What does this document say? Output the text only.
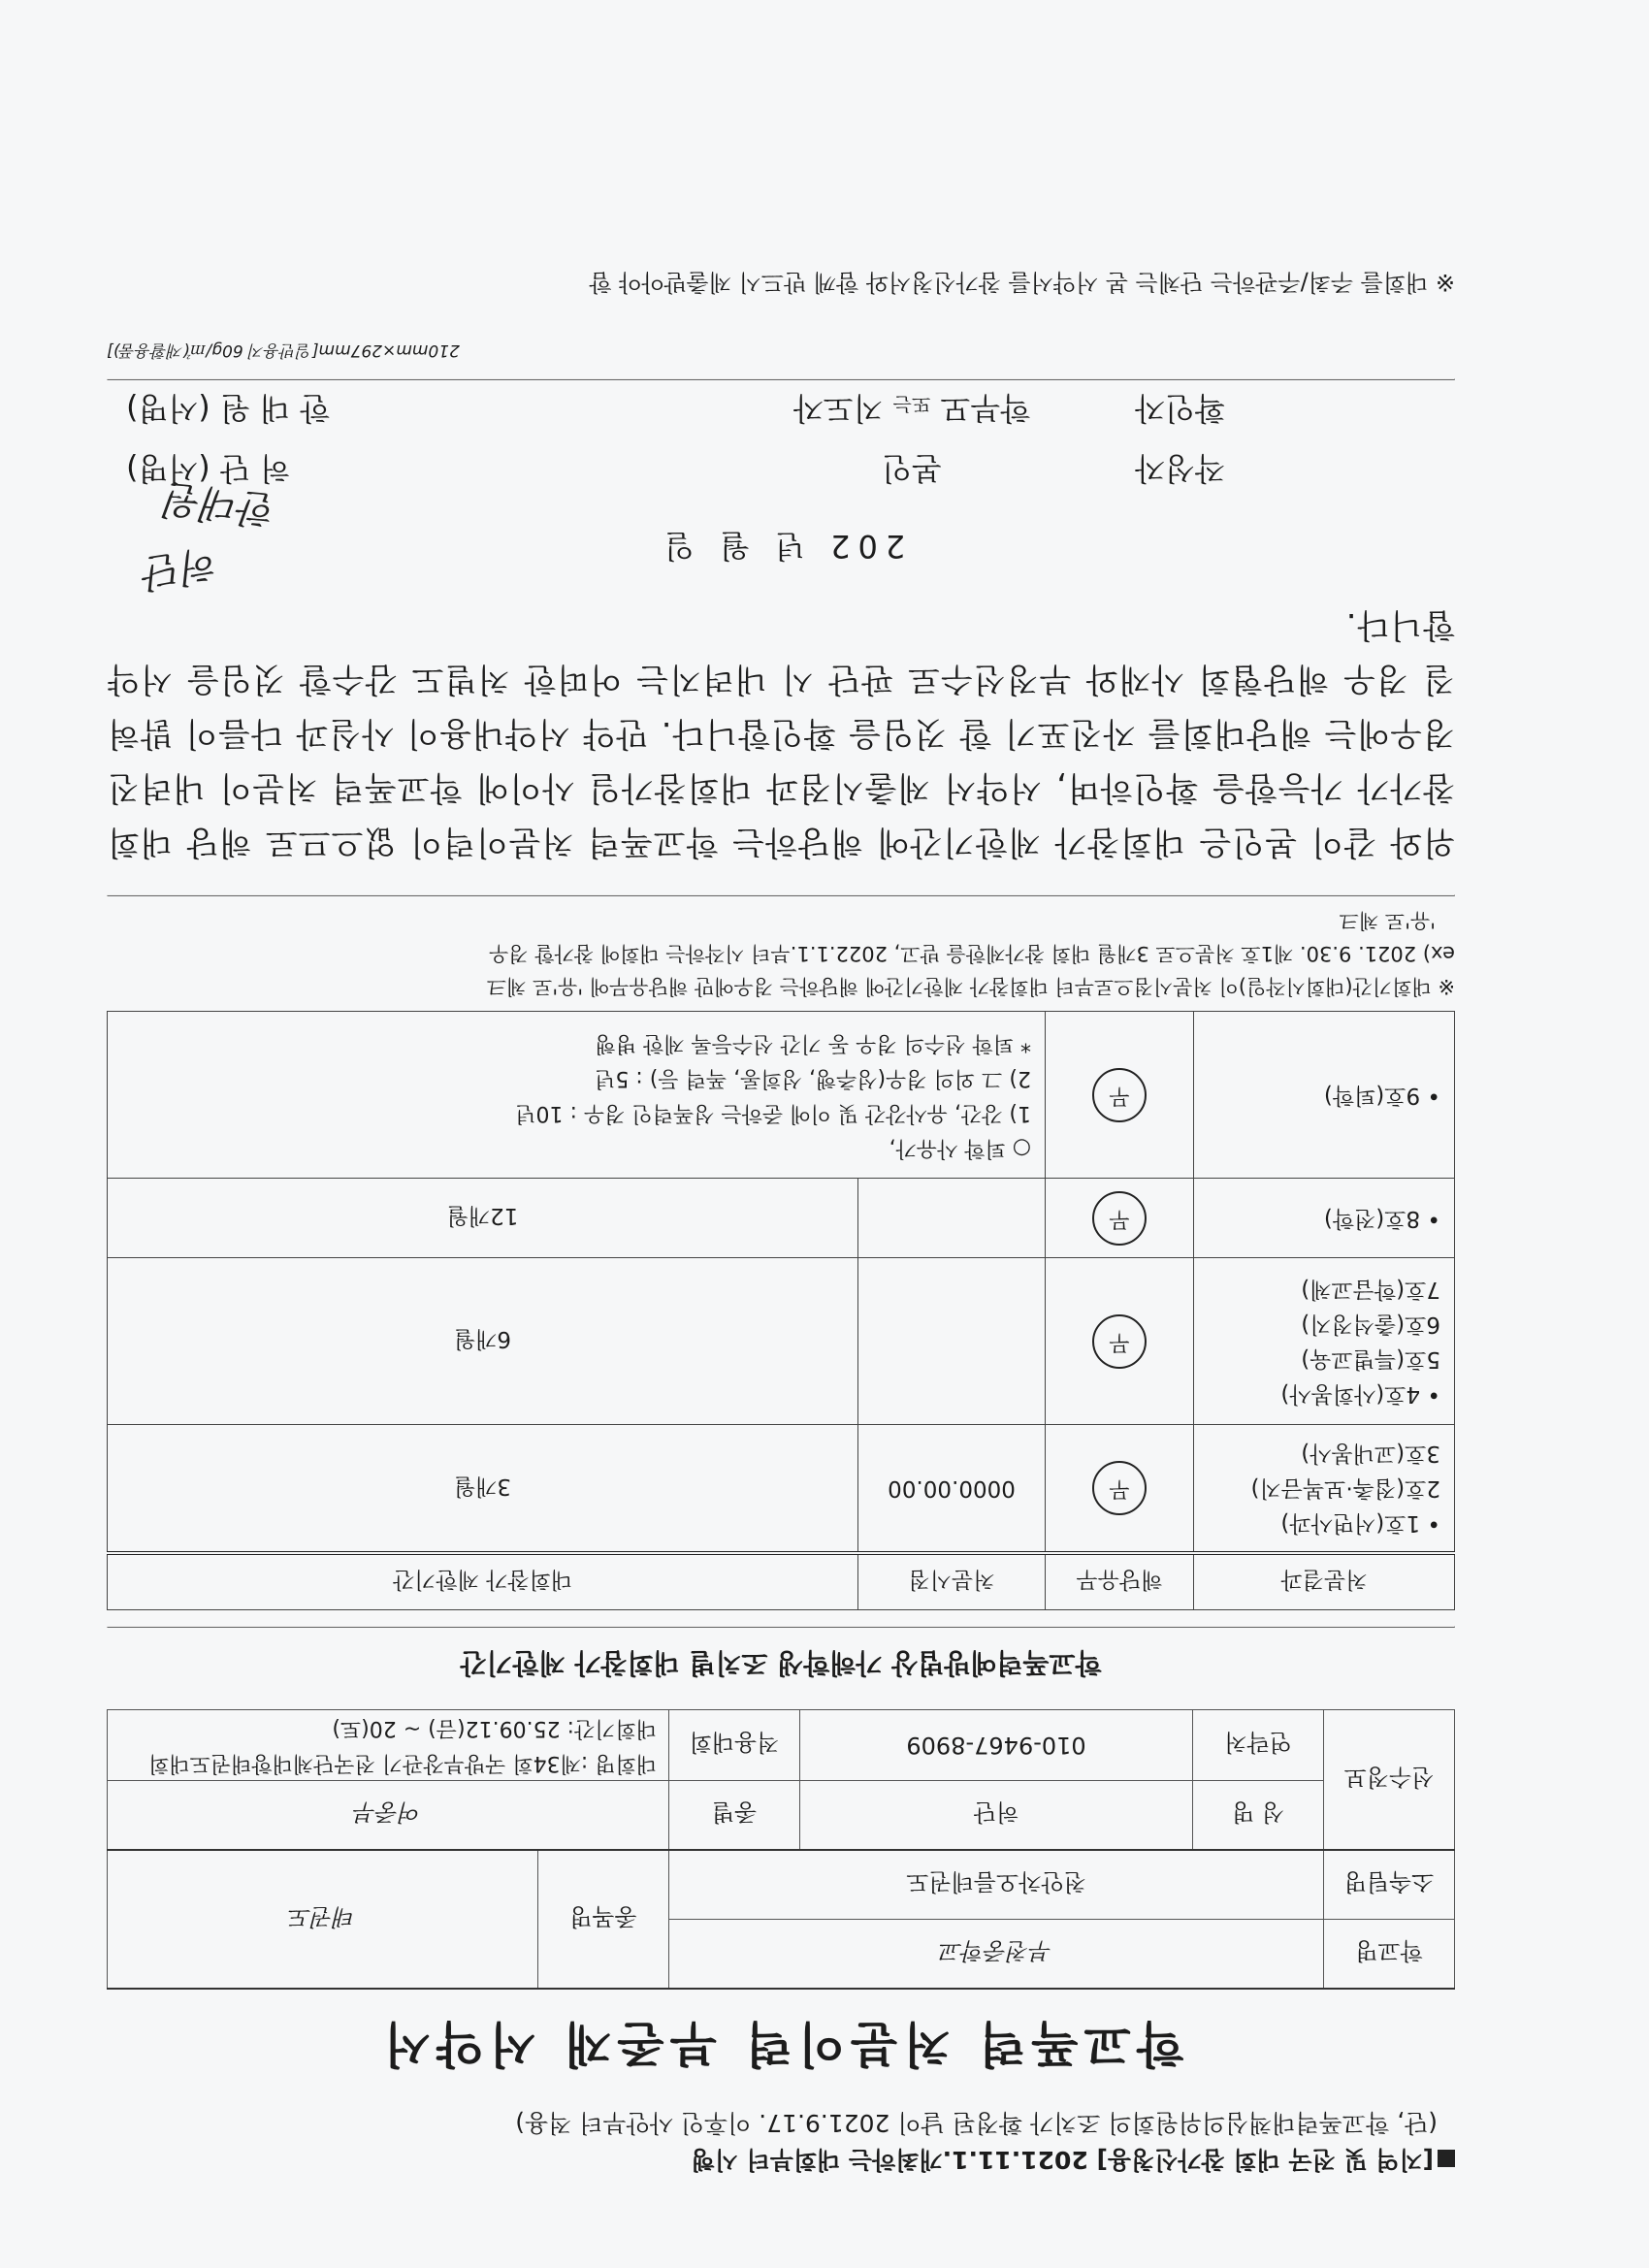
[지역 및 전국 대회 참가신청용] 2021.11.1.개최하는 대회부터 시행
(단, 학교폭력대책심의위원회의 조치가 확정된 날이 2021.9.17. 이후인 사안부터 적용)
학교폭력 처분이력 부존재 서약서
학교명	부천중학교			종목명	태권도
소속팀명	천안차오름테권도				
선수정보	성 명	허단	종별	여중부	
	연락처	010-9467-8909	적용대회	대회명 :제34회 국방부장관기 전국단체대항태권도대회
대회기간: 25.09.12(금) ~ 20(토)	
학교폭력예방법상 가해학생 조치별 대회참가 제한기간
처분결과	해당유무	처분시점	대회참가 제한기간

• 1호(서면사과)
2호(접촉·보복금지)
3호(교내봉사)	무	0000.00.00	3개월

• 4호(사회봉사)
5호(특별교육)
6호(출석정지)
7호(학급교체)	무		6개월

• 8호(전학)	무		12개월

• 9호(퇴학)	무	○ 퇴학 사유가,
1) 강간, 유사강간 및 이에 준하는 성폭력인 경우 : 10년
2) 그 외의 경우(성추행, 성희롱, 폭력 등) : 5년
* 퇴학 선수의 경우 동 기간 선수등록 제한 병행	
※ 대회기간(대회시작일)이 처분시점으로부터 대회참가 제한기간에 해당하는 경우에만 해당유무에 '유'로 체크
ex) 2021. 9.30. 제1호 처분으로 3개월 대회 참가제한을 받고, 2022.1.1.부터 시작하는 대회에 참가할 경우
'유'로 체크
위와 같이 본인은 대회참가 제한기간에 해당하는 학교폭력 처분이력이 없으므로 해당 대회 참가가 가능함을 확인하며, 서약서 제출시점과 대회참가일 사이에 학교폭력 처분이 내려진 경우에는 해당대회를 자진포기 할 것임을 확인합니다. 만약 서약내용이 사실과 다름이 밝혀질 경우 해당협회 사재와 부정선수로 판단 시 내려지는 어떠한 처벌도 감수할 것임을 서약합니다.
202 년 월 일
작성자
본인
허 단 (서명)
확인자
학부모 또는 지도자
한 대 원 (서명)
210mm×297mm[일반용지 60g/㎡(재활용품)]
※ 대회를 주최/주관하는 단체는 본 서약서를 참가신청서와 함께 반드시 제출받아야 함
허단
한대원
